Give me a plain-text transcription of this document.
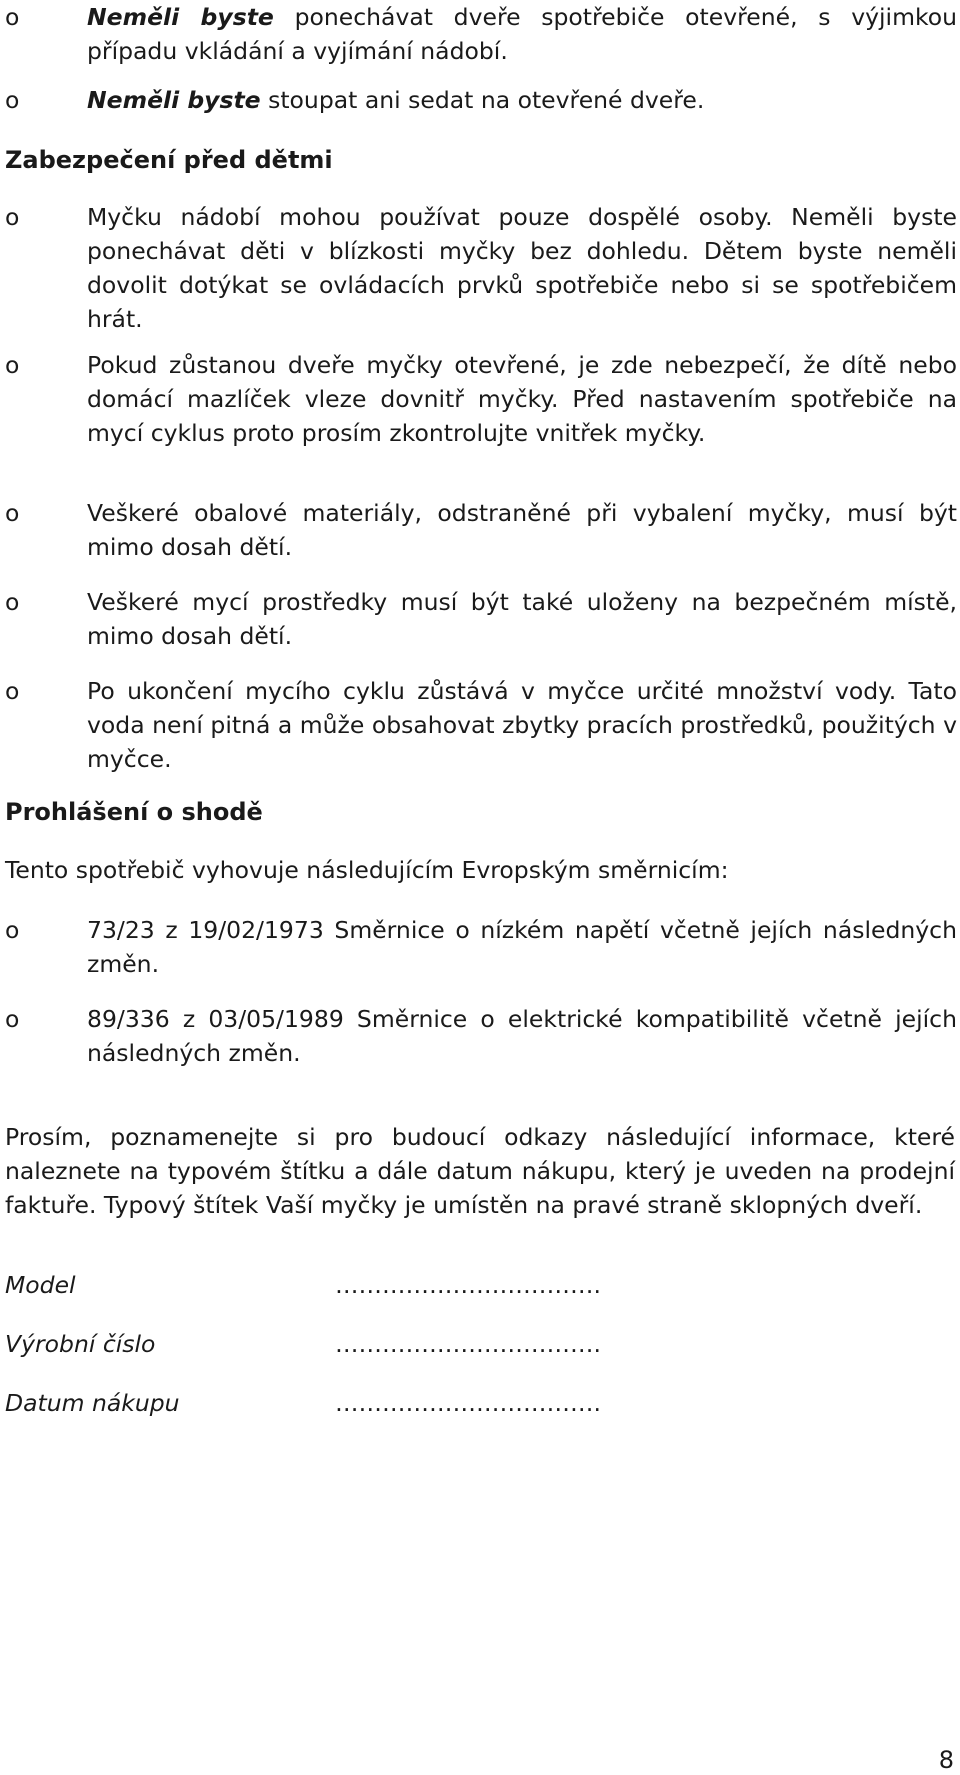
o	Neměli byste ponechávat dveře spotřebiče otevřené, s výjimkou případu vkládání a vyjímání nádobí.

o	Neměli byste stoupat ani sedat na otevřené dveře.

Zabezpečení před dětmi

o	Myčku nádobí mohou používat pouze dospělé osoby. Neměli byste ponechávat děti v blízkosti myčky bez dohledu. Dětem byste neměli dovolit dotýkat se ovládacích prvků spotřebiče nebo si se spotřebičem hrát.

o	Pokud zůstanou dveře myčky otevřené, je zde nebezpečí, že dítě nebo domácí mazlíček vleze dovnitř myčky. Před nastavením spotřebiče na mycí cyklus proto prosím zkontrolujte vnitřek myčky.

o	Veškeré obalové materiály, odstraněné při vybalení myčky, musí být mimo dosah dětí.

o	Veškeré mycí prostředky musí být také uloženy na bezpečném místě, mimo dosah dětí.

o	Po ukončení mycího cyklu zůstává v myčce určité množství vody. Tato voda není pitná a může obsahovat zbytky pracích prostředků, použitých v myčce.

Prohlášení o shodě

Tento spotřebič vyhovuje následujícím Evropským směrnicím:

o	73/23 z 19/02/1973 Směrnice o nízkém napětí včetně jejích následných změn.

o	89/336 z 03/05/1989 Směrnice o elektrické kompatibilitě včetně jejích následných změn.

Prosím, poznamenejte si pro budoucí odkazy následující informace, které naleznete na typovém štítku a dále datum nákupu, který je uveden na prodejní faktuře. Typový štítek Vaší myčky je umístěn na pravé straně sklopných dveří.

Model	…………………………….
Výrobní číslo	…………………………….
Datum nákupu	…………………………….
8
